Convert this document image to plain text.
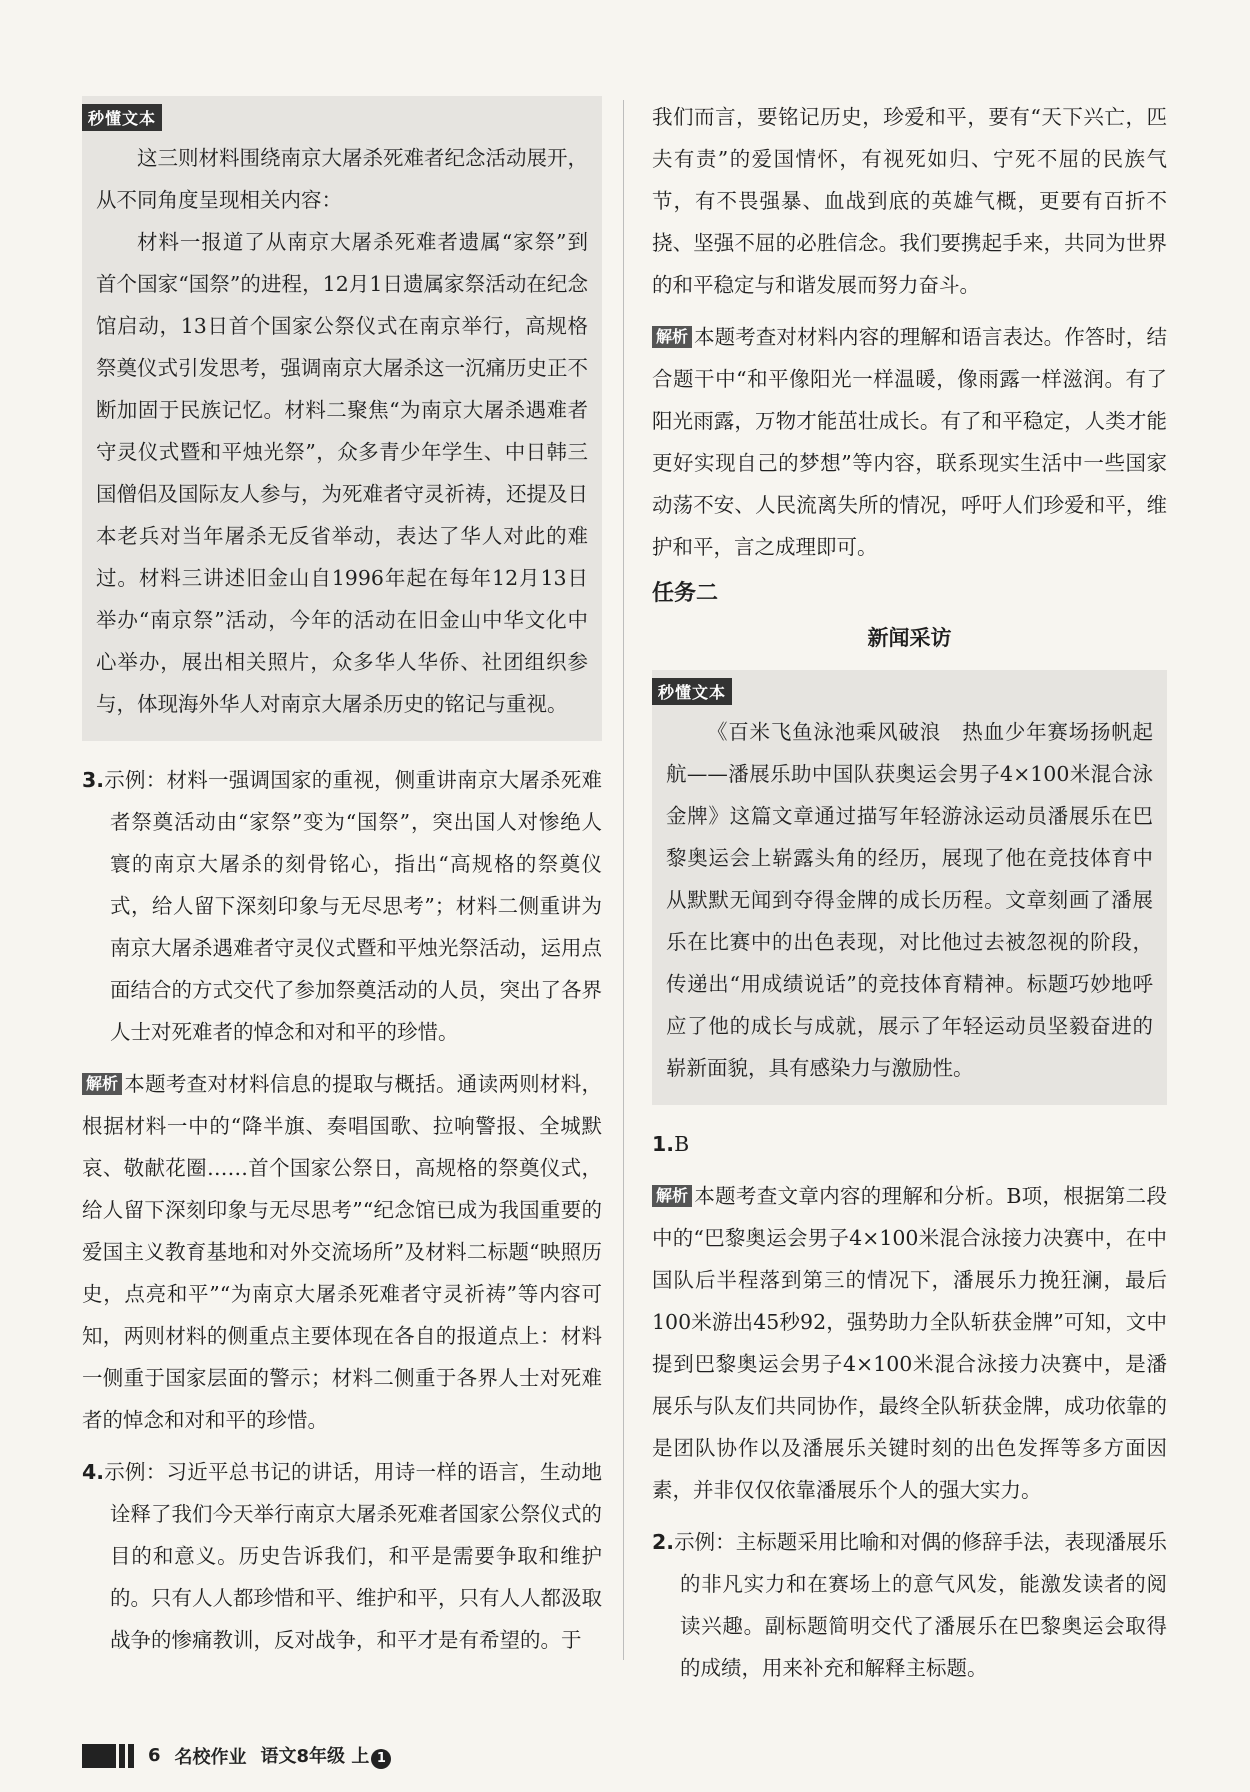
秒懂文本

这三则材料围绕南京大屠杀死难者纪念活动展开，从不同角度呈现相关内容：

材料一报道了从南京大屠杀死难者遗属“家祭”到首个国家“国祭”的进程，12月1日遗属家祭活动在纪念馆启动，13日首个国家公祭仪式在南京举行，高规格祭奠仪式引发思考，强调南京大屠杀这一沉痛历史正不断加固于民族记忆。材料二聚焦“为南京大屠杀遇难者守灵仪式暨和平烛光祭”，众多青少年学生、中日韩三国僧侣及国际友人参与，为死难者守灵祈祷，还提及日本老兵对当年屠杀无反省举动，表达了华人对此的难过。材料三讲述旧金山自1996年起在每年12月13日举办“南京祭”活动，今年的活动在旧金山中华文化中心举办，展出相关照片，众多华人华侨、社团组织参与，体现海外华人对南京大屠杀历史的铭记与重视。

3.示例：材料一强调国家的重视，侧重讲南京大屠杀死难者祭奠活动由“家祭”变为“国祭”，突出国人对惨绝人寰的南京大屠杀的刻骨铭心，指出“高规格的祭奠仪式，给人留下深刻印象与无尽思考”；材料二侧重讲为南京大屠杀遇难者守灵仪式暨和平烛光祭活动，运用点面结合的方式交代了参加祭奠活动的人员，突出了各界人士对死难者的悼念和对和平的珍惜。

解析 本题考查对材料信息的提取与概括。通读两则材料，根据材料一中的“降半旗、奏唱国歌、拉响警报、全城默哀、敬献花圈……首个国家公祭日，高规格的祭奠仪式，给人留下深刻印象与无尽思考”“纪念馆已成为我国重要的爱国主义教育基地和对外交流场所”及材料二标题“映照历史，点亮和平”“为南京大屠杀死难者守灵祈祷”等内容可知，两则材料的侧重点主要体现在各自的报道点上：材料一侧重于国家层面的警示；材料二侧重于各界人士对死难者的悼念和对和平的珍惜。

4.示例：习近平总书记的讲话，用诗一样的语言，生动地诠释了我们今天举行南京大屠杀死难者国家公祭仪式的目的和意义。历史告诉我们，和平是需要争取和维护的。只有人人都珍惜和平、维护和平，只有人人都汲取战争的惨痛教训，反对战争，和平才是有希望的。于

我们而言，要铭记历史，珍爱和平，要有“天下兴亡，匹夫有责”的爱国情怀，有视死如归、宁死不屈的民族气节，有不畏强暴、血战到底的英雄气概，更要有百折不挠、坚强不屈的必胜信念。我们要携起手来，共同为世界的和平稳定与和谐发展而努力奋斗。

解析 本题考查对材料内容的理解和语言表达。作答时，结合题干中“和平像阳光一样温暖，像雨露一样滋润。有了阳光雨露，万物才能茁壮成长。有了和平稳定，人类才能更好实现自己的梦想”等内容，联系现实生活中一些国家动荡不安、人民流离失所的情况，呼吁人们珍爱和平，维护和平，言之成理即可。

任务二
新闻采访
秒懂文本

《百米飞鱼泳池乘风破浪　热血少年赛场扬帆起航——潘展乐助中国队获奥运会男子4×100米混合泳金牌》这篇文章通过描写年轻游泳运动员潘展乐在巴黎奥运会上崭露头角的经历，展现了他在竞技体育中从默默无闻到夺得金牌的成长历程。文章刻画了潘展乐在比赛中的出色表现，对比他过去被忽视的阶段，传递出“用成绩说话”的竞技体育精神。标题巧妙地呼应了他的成长与成就，展示了年轻运动员坚毅奋进的崭新面貌，具有感染力与激励性。

1.B

解析 本题考查文章内容的理解和分析。B项，根据第二段中的“巴黎奥运会男子4×100米混合泳接力决赛中，在中国队后半程落到第三的情况下，潘展乐力挽狂澜，最后100米游出45秒92，强势助力全队斩获金牌”可知，文中提到巴黎奥运会男子4×100米混合泳接力决赛中，是潘展乐与队友们共同协作，最终全队斩获金牌，成功依靠的是团队协作以及潘展乐关键时刻的出色发挥等多方面因素，并非仅仅依靠潘展乐个人的强大实力。

2.示例：主标题采用比喻和对偶的修辞手法，表现潘展乐的非凡实力和在赛场上的意气风发，能激发读者的阅读兴趣。副标题简明交代了潘展乐在巴黎奥运会取得的成绩，用来补充和解释主标题。

6 名校作业 语文8年级 上 1
